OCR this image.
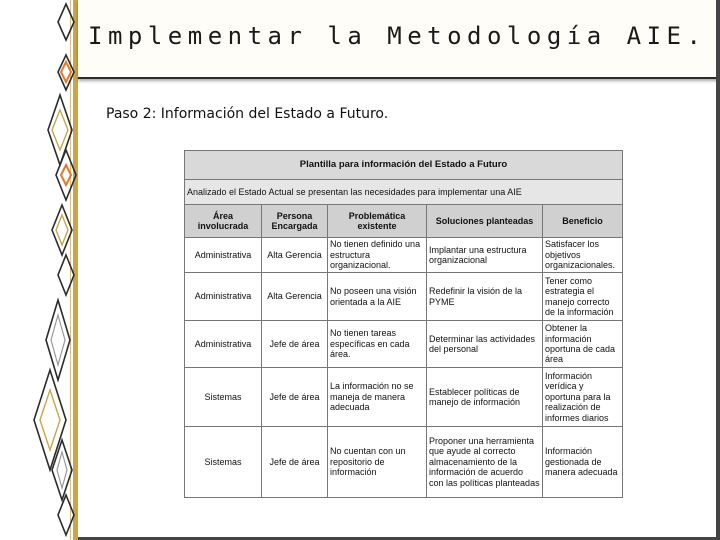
Implementar la Metodología AIE.
Paso 2: Información del Estado a Futuro.
Plantilla para información del Estado a Futuro				
Analizado el Estado Actual se presentan las necesidades para implementar una AIE				
Área involucrada	Persona Encargada	Problemática existente	Soluciones planteadas	Beneficio
Administrativa	Alta Gerencia	No tienen definido una estructura organizacional.	Implantar una estructura organizacional	Satisfacer los objetivos organizacionales.
Administrativa	Alta Gerencia	No poseen una visión orientada a la AIE	Redefinir la visión de la PYME	Tener como estrategia el manejo correcto de la información
Administrativa	Jefe de área	No tienen tareas específicas en cada área.	Determinar las actividades del personal	Obtener la información oportuna de cada área
Sistemas	Jefe de área	La información no se maneja de manera adecuada	Establecer políticas de manejo de información	Información verídica y oportuna para la realización de informes diarios
Sistemas	Jefe de área	No cuentan con un repositorio de información	Proponer una herramienta que ayude al correcto almacenamiento de la información de acuerdo con las políticas planteadas	Información gestionada de manera adecuada
